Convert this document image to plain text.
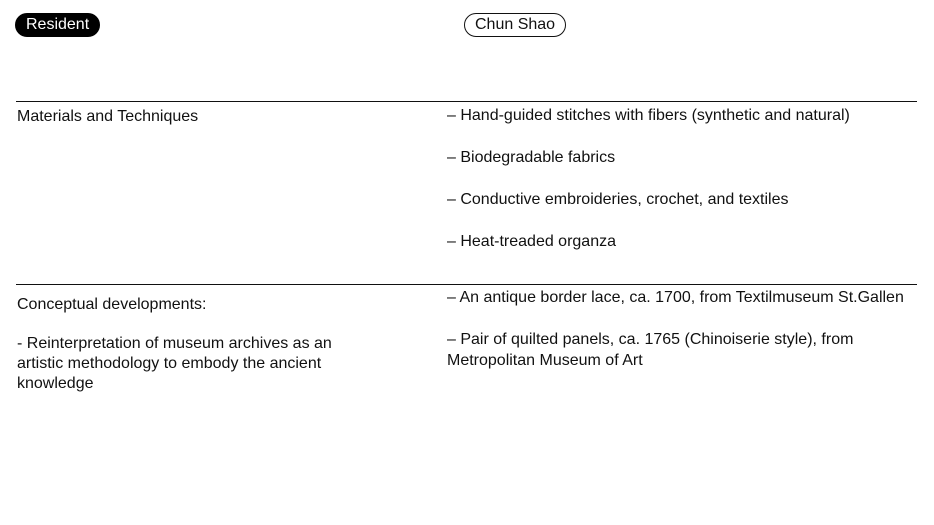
Resident	Chun Shao
Materials and Techniques	– Hand-guided stitches with fibers (synthetic and natural)
– Biodegradable fabrics
– Conductive embroideries, crochet, and textiles
– Heat-treaded organza
Conceptual developments:
- Reinterpretation of museum archives as an artistic methodology to embody the ancient knowledge
– An antique border lace, ca. 1700, from Textilmuseum St.Gallen
– Pair of quilted panels, ca. 1765 (Chinoiserie style), from Metropolitan Museum of Art
